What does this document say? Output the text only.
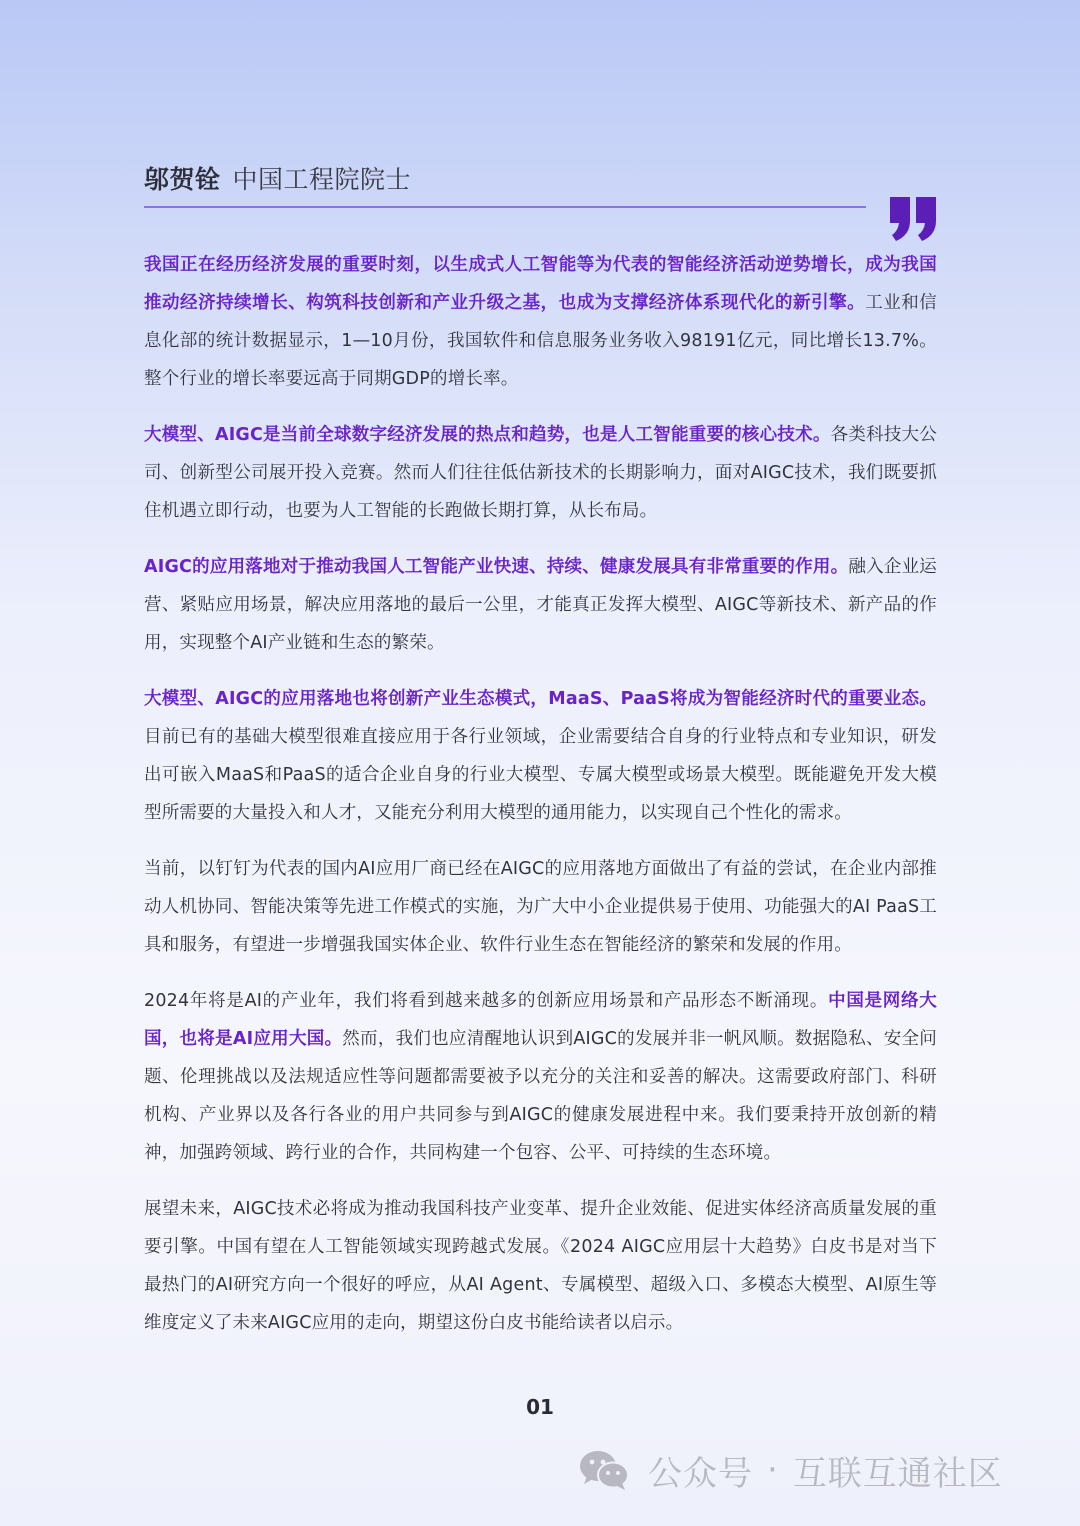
邬贺铨 中国工程院院士

我国正在经历经济发展的重要时刻，以生成式人工智能等为代表的智能经济活动逆势增长，成为我国推动经济持续增长、构筑科技创新和产业升级之基，也成为支撑经济体系现代化的新引擎。工业和信息化部的统计数据显示，1—10月份，我国软件和信息服务业务收入98191亿元，同比增长13.7%。整个行业的增长率要远高于同期GDP的增长率。

大模型、AIGC是当前全球数字经济发展的热点和趋势，也是人工智能重要的核心技术。各类科技大公司、创新型公司展开投入竞赛。然而人们往往低估新技术的长期影响力，面对AIGC技术，我们既要抓住机遇立即行动，也要为人工智能的长跑做长期打算，从长布局。

AIGC的应用落地对于推动我国人工智能产业快速、持续、健康发展具有非常重要的作用。融入企业运营、紧贴应用场景，解决应用落地的最后一公里，才能真正发挥大模型、AIGC等新技术、新产品的作用，实现整个AI产业链和生态的繁荣。

大模型、AIGC的应用落地也将创新产业生态模式，MaaS、PaaS将成为智能经济时代的重要业态。目前已有的基础大模型很难直接应用于各行业领域，企业需要结合自身的行业特点和专业知识，研发出可嵌入MaaS和PaaS的适合企业自身的行业大模型、专属大模型或场景大模型。既能避免开发大模型所需要的大量投入和人才，又能充分利用大模型的通用能力，以实现自己个性化的需求。

当前，以钉钉为代表的国内AI应用厂商已经在AIGC的应用落地方面做出了有益的尝试，在企业内部推动人机协同、智能决策等先进工作模式的实施，为广大中小企业提供易于使用、功能强大的AI PaaS工具和服务，有望进一步增强我国实体企业、软件行业生态在智能经济的繁荣和发展的作用。

2024年将是AI的产业年，我们将看到越来越多的创新应用场景和产品形态不断涌现。中国是网络大国，也将是AI应用大国。然而，我们也应清醒地认识到AIGC的发展并非一帆风顺。数据隐私、安全问题、伦理挑战以及法规适应性等问题都需要被予以充分的关注和妥善的解决。这需要政府部门、科研机构、产业界以及各行各业的用户共同参与到AIGC的健康发展进程中来。我们要秉持开放创新的精神，加强跨领域、跨行业的合作，共同构建一个包容、公平、可持续的生态环境。

展望未来，AIGC技术必将成为推动我国科技产业变革、提升企业效能、促进实体经济高质量发展的重要引擎。中国有望在人工智能领域实现跨越式发展。《2024 AIGC应用层十大趋势》白皮书是对当下最热门的AI研究方向一个很好的呼应，从AI Agent、专属模型、超级入口、多模态大模型、AI原生等维度定义了未来AIGC应用的走向，期望这份白皮书能给读者以启示。

01
公众号 · 互联互通社区
